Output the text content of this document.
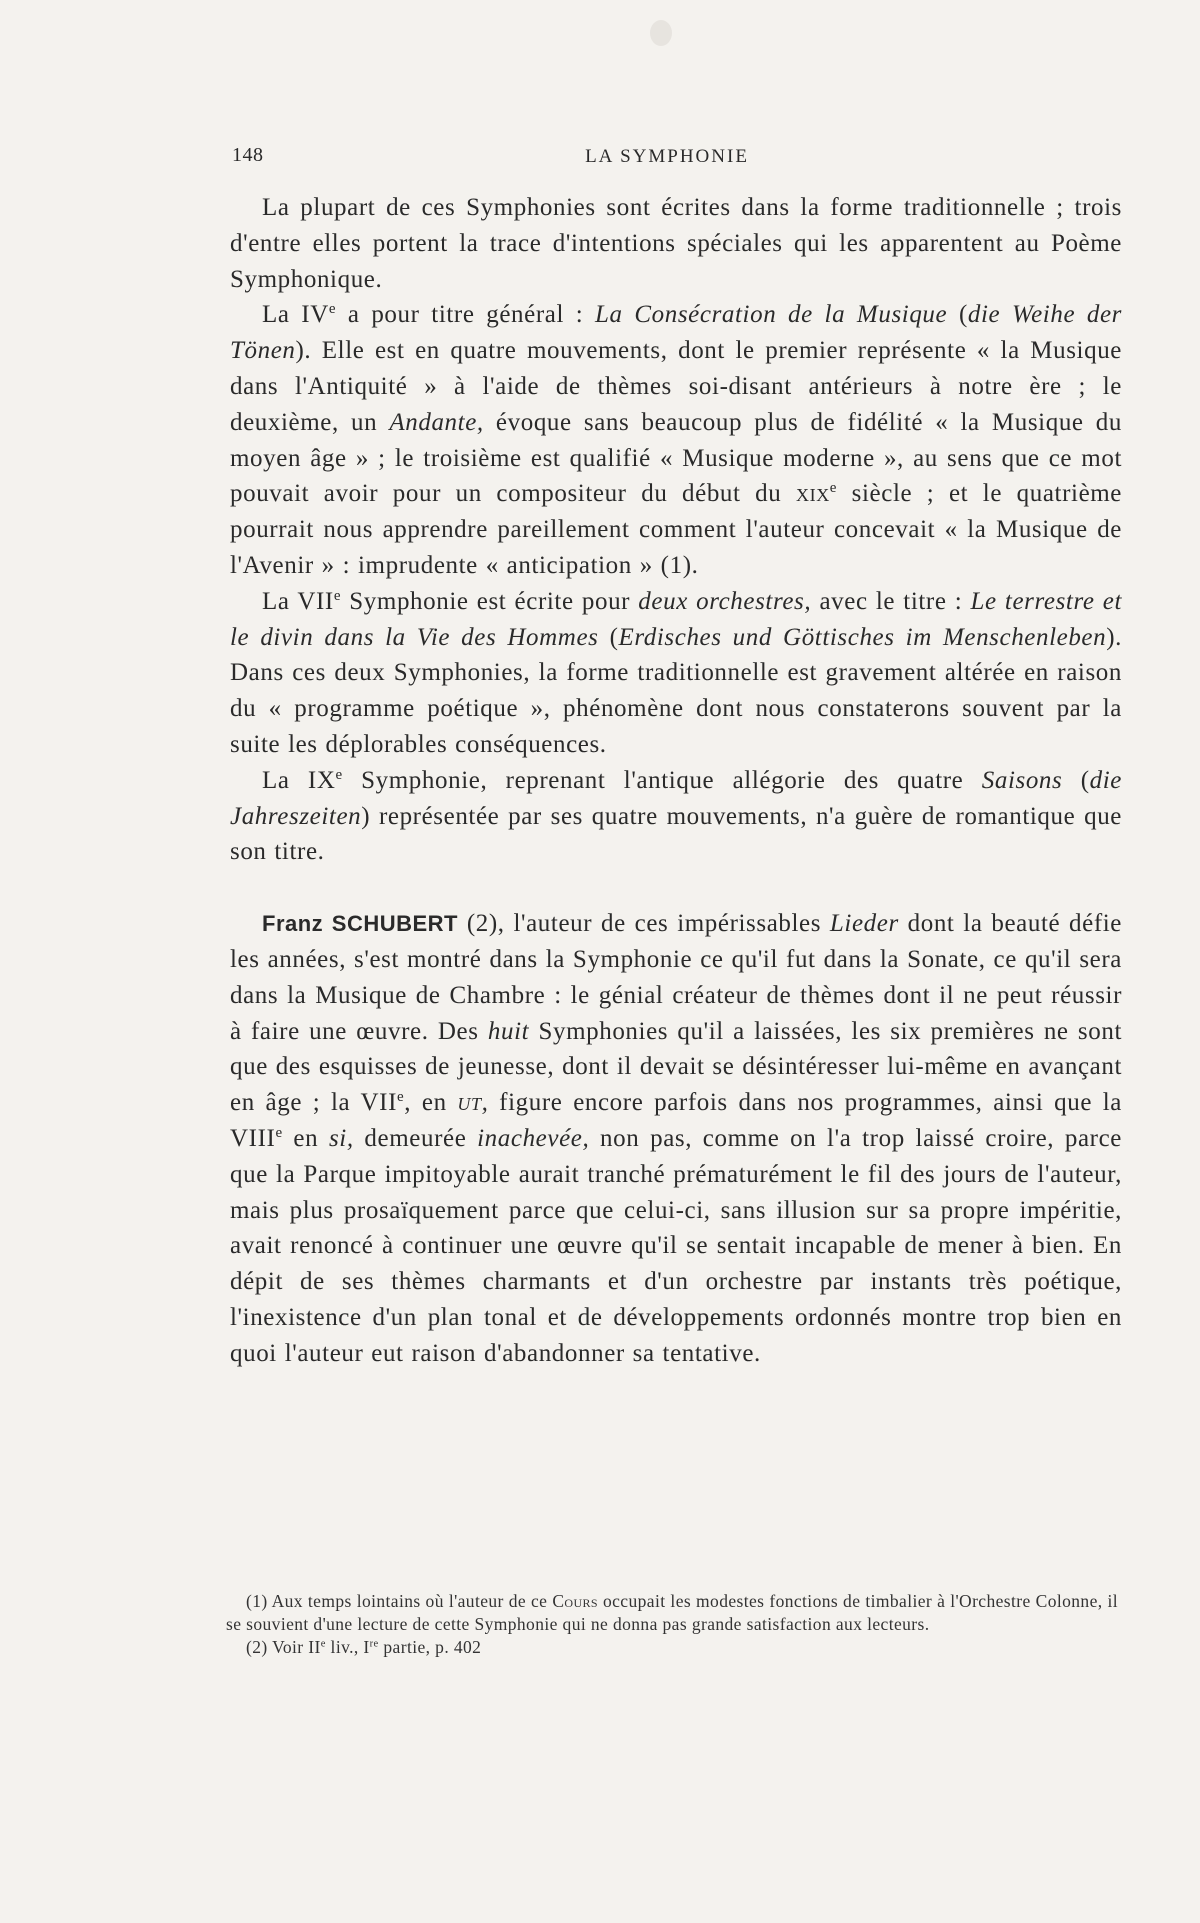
148	LA SYMPHONIE

La plupart de ces Symphonies sont écrites dans la forme traditionnelle ; trois d'entre elles portent la trace d'intentions spéciales qui les apparentent au Poème Symphonique.

La IVe a pour titre général : La Consécration de la Musique (die Weihe der Tönen). Elle est en quatre mouvements, dont le premier représente « la Musique dans l'Antiquité » à l'aide de thèmes soi-disant antérieurs à notre ère ; le deuxième, un Andante, évoque sans beaucoup plus de fidélité « la Musique du moyen âge » ; le troisième est qualifié « Musique moderne », au sens que ce mot pouvait avoir pour un compositeur du début du xix$^e$ siècle ; et le quatrième pourrait nous apprendre pareillement comment l'auteur concevait « la Musique de l'Avenir » : imprudente « anticipation » (1).

La VIIe Symphonie est écrite pour deux orchestres, avec le titre : Le terrestre et le divin dans la Vie des Hommes (Erdisches und Göttisches im Menschenleben). Dans ces deux Symphonies, la forme traditionnelle est gravement altérée en raison du « programme poétique », phénomène dont nous constaterons souvent par la suite les déplorables conséquences.

La IXe Symphonie, reprenant l'antique allégorie des quatre Saisons (die Jahreszeiten) représentée par ses quatre mouvements, n'a guère de romantique que son titre.

Franz SCHUBERT (2), l'auteur de ces impérissables Lieder dont la beauté défie les années, s'est montré dans la Symphonie ce qu'il fut dans la Sonate, ce qu'il sera dans la Musique de Chambre : le génial créateur de thèmes dont il ne peut réussir à faire une œuvre. Des huit Symphonies qu'il a laissées, les six premières ne sont que des esquisses de jeunesse, dont il devait se désintéresser lui-même en avançant en âge ; la VIIe, en ut, figure encore parfois dans nos programmes, ainsi que la VIIIe en si, demeurée inachevée, non pas, comme on l'a trop laissé croire, parce que la Parque impitoyable aurait tranché prématurément le fil des jours de l'auteur, mais plus prosaïquement parce que celui-ci, sans illusion sur sa propre impéritie, avait renoncé à continuer une œuvre qu'il se sentait incapable de mener à bien. En dépit de ses thèmes charmants et d'un orchestre par instants très poétique, l'inexistence d'un plan tonal et de développements ordonnés montre trop bien en quoi l'auteur eut raison d'abandonner sa tentative.

(1) Aux temps lointains où l'auteur de ce Cours occupait les modestes fonctions de timbalier à l'Orchestre Colonne, il se souvient d'une lecture de cette Symphonie qui ne donna pas grande satisfaction aux lecteurs.

(2) Voir IIe liv., Ire partie, p. 402
